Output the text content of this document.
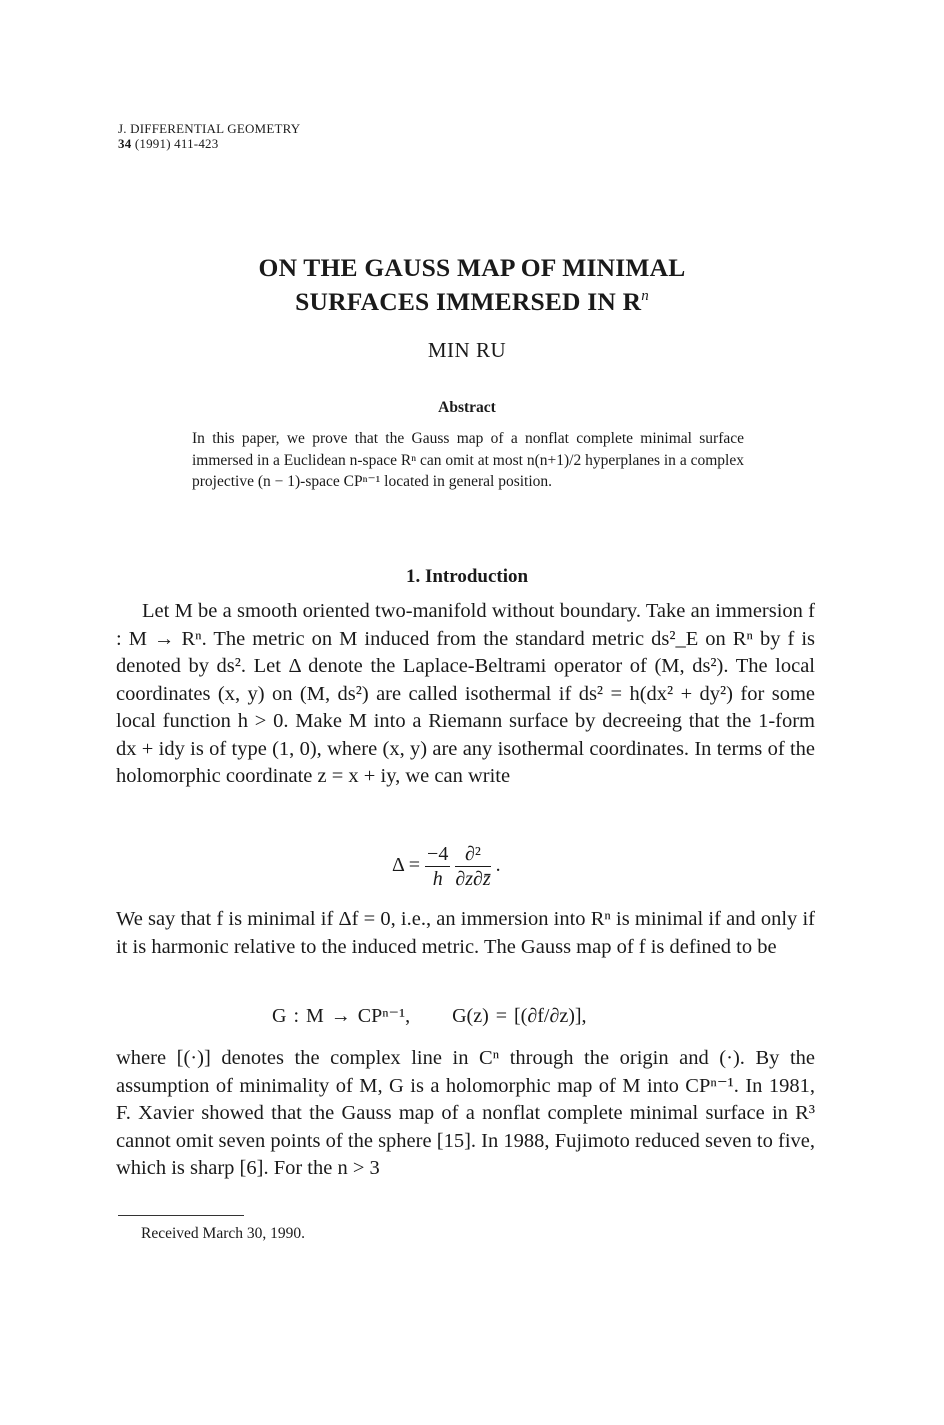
J. DIFFERENTIAL GEOMETRY
34 (1991) 411-423
ON THE GAUSS MAP OF MINIMAL
SURFACES IMMERSED IN $R^n$
MIN RU
Abstract
In this paper, we prove that the Gauss map of a nonflat complete minimal surface immersed in a Euclidean n-space Rⁿ can omit at most n(n+1)/2 hyperplanes in a complex projective (n − 1)-space CPⁿ⁻¹ located in general position.
1. Introduction
Let M be a smooth oriented two-manifold without boundary. Take an immersion f : M → Rⁿ. The metric on M induced from the standard metric ds²_E on Rⁿ by f is denoted by ds². Let Δ denote the Laplace-Beltrami operator of (M, ds²). The local coordinates (x, y) on (M, ds²) are called isothermal if ds² = h(dx² + dy²) for some local function h > 0. Make M into a Riemann surface by decreeing that the 1-form dx + idy is of type (1, 0), where (x, y) are any isothermal coordinates. In terms of the holomorphic coordinate z = x + iy, we can write
$\Delta = \frac{-4}{h}$
$\frac{\text{∂²}}{\partial z\partial z̄}$ .
We say that f is minimal if Δf = 0, i.e., an immersion into Rⁿ is minimal if and only if it is harmonic relative to the induced metric. The Gauss map of f is defined to be
G : M → CPⁿ⁻¹,      G(z) = [(∂f/∂z)],
where [(·)] denotes the complex line in Cⁿ through the origin and (·). By the assumption of minimality of M, G is a holomorphic map of M into CPⁿ⁻¹. In 1981, F. Xavier showed that the Gauss map of a nonflat complete minimal surface in R³ cannot omit seven points of the sphere [15]. In 1988, Fujimoto reduced seven to five, which is sharp [6]. For the n > 3
Received March 30, 1990.
